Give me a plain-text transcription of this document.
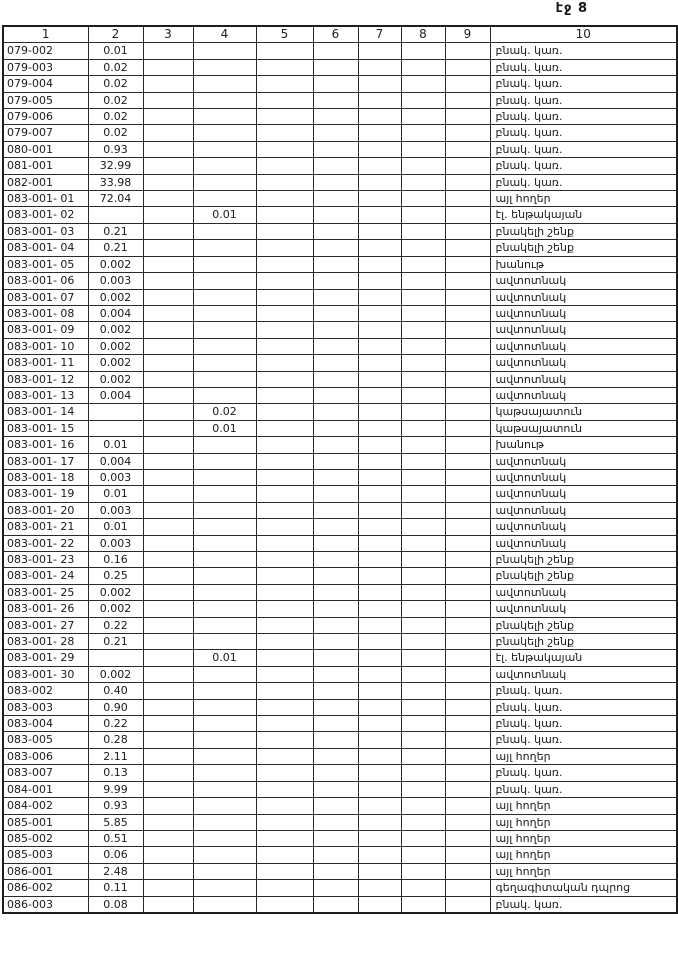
էջ 8
1	2	3	4	5	6	7	8	9	10
079-002	0.01								բնակ. կառ.
079-003	0.02								բնակ. կառ.
079-004	0.02								բնակ. կառ.
079-005	0.02								բնակ. կառ.
079-006	0.02								բնակ. կառ.
079-007	0.02								բնակ. կառ.
080-001	0.93								բնակ. կառ.
081-001	32.99								բնակ. կառ.
082-001	33.98								բնակ. կառ.
083-001- 01	72.04								այլ հողեր
083-001- 02			0.01						էլ. ենթակայան
083-001- 03	0.21								բնակելի շենք
083-001- 04	0.21								բնակելի շենք
083-001- 05	0.002								խանութ
083-001- 06	0.003								ավտոտնակ
083-001- 07	0.002								ավտոտնակ
083-001- 08	0.004								ավտոտնակ
083-001- 09	0.002								ավտոտնակ
083-001- 10	0.002								ավտոտնակ
083-001- 11	0.002								ավտոտնակ
083-001- 12	0.002								ավտոտնակ
083-001- 13	0.004								ավտոտնակ
083-001- 14			0.02						կաթսայատուն
083-001- 15			0.01						կաթսայատուն
083-001- 16	0.01								խանութ
083-001- 17	0.004								ավտոտնակ
083-001- 18	0.003								ավտոտնակ
083-001- 19	0.01								ավտոտնակ
083-001- 20	0.003								ավտոտնակ
083-001- 21	0.01								ավտոտնակ
083-001- 22	0.003								ավտոտնակ
083-001- 23	0.16								բնակելի շենք
083-001- 24	0.25								բնակելի շենք
083-001- 25	0.002								ավտոտնակ
083-001- 26	0.002								ավտոտնակ
083-001- 27	0.22								բնակելի շենք
083-001- 28	0.21								բնակելի շենք
083-001- 29			0.01						էլ. ենթակայան
083-001- 30	0.002								ավտոտնակ
083-002	0.40								բնակ. կառ.
083-003	0.90								բնակ. կառ.
083-004	0.22								բնակ. կառ.
083-005	0.28								բնակ. կառ.
083-006	2.11								այլ հողեր
083-007	0.13								բնակ. կառ.
084-001	9.99								բնակ. կառ.
084-002	0.93								այլ հողեր
085-001	5.85								այլ հողեր
085-002	0.51								այլ հողեր
085-003	0.06								այլ հողեր
086-001	2.48								այլ հողեր
086-002	0.11								գեղագիտական դպրոց
086-003	0.08								բնակ. կառ.
